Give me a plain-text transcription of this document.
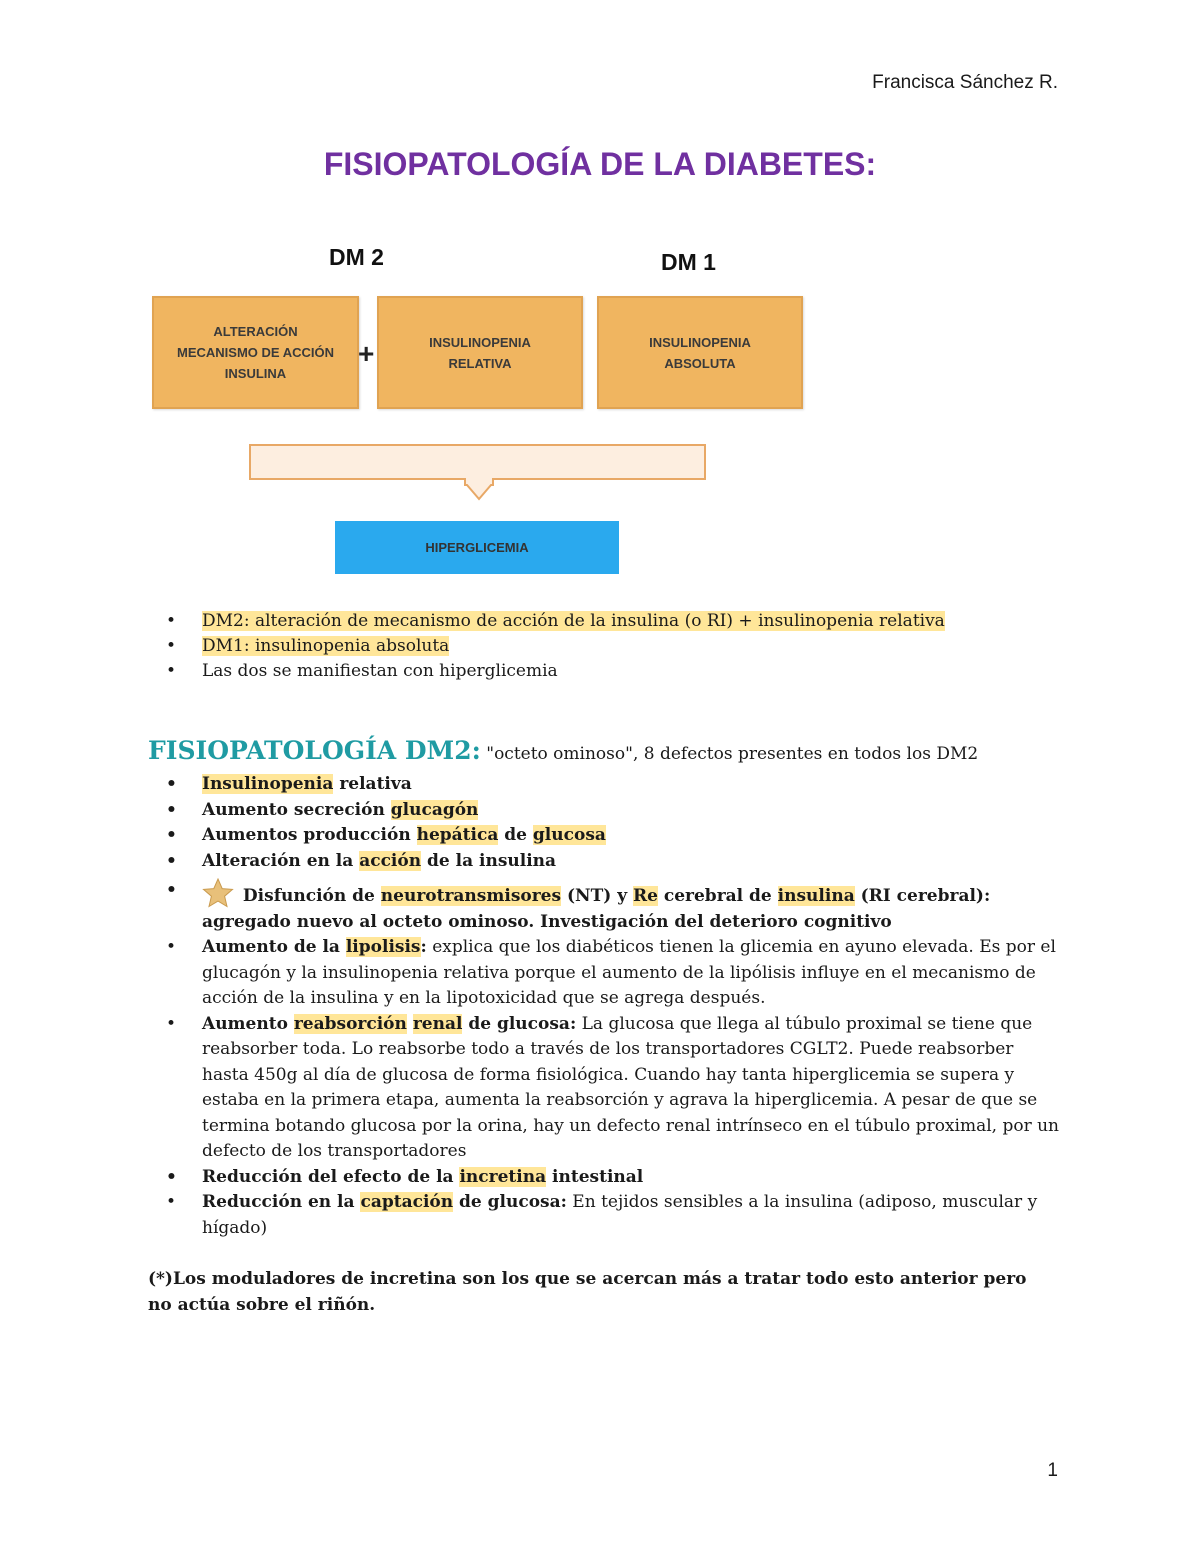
Francisca Sánchez R.
FISIOPATOLOGÍA DE LA DIABETES:
DM 2	DM 1
ALTERACIÓN
MECANISMO DE ACCIÓN
INSULINA
+	INSULINOPENIA
RELATIVA
INSULINOPENIA
ABSOLUTA
HIPERGLICEMIA
• DM2: alteración de mecanismo de acción de la insulina (o RI) + insulinopenia relativa
• DM1: insulinopenia absoluta
• Las dos se manifiestan con hiperglicemia
FISIOPATOLOGÍA DM2: "octeto ominoso", 8 defectos presentes en todos los DM2
• Insulinopenia relativa
• Aumento secreción glucagón
• Aumentos producción hepática de glucosa
• Alteración en la acción de la insulina
• Disfunción de neurotransmisores (NT) y Re cerebral de insulina (RI cerebral): agregado nuevo al octeto ominoso. Investigación del deterioro cognitivo
• Aumento de la lipolisis: explica que los diabéticos tienen la glicemia en ayuno elevada. Es por el glucagón y la insulinopenia relativa porque el aumento de la lipólisis influye en el mecanismo de acción de la insulina y en la lipotoxicidad que se agrega después.
• Aumento reabsorción renal de glucosa: La glucosa que llega al túbulo proximal se tiene que reabsorber toda. Lo reabsorbe todo a través de los transportadores CGLT2. Puede reabsorber hasta 450g al día de glucosa de forma fisiológica. Cuando hay tanta hiperglicemia se supera y estaba en la primera etapa, aumenta la reabsorción y agrava la hiperglicemia. A pesar de que se termina botando glucosa por la orina, hay un defecto renal intrínseco en el túbulo proximal, por un defecto de los transportadores
• Reducción del efecto de la incretina intestinal
• Reducción en la captación de glucosa: En tejidos sensibles a la insulina (adiposo, muscular y hígado)
(*)Los moduladores de incretina son los que se acercan más a tratar todo esto anterior pero no actúa sobre el riñón.
1
